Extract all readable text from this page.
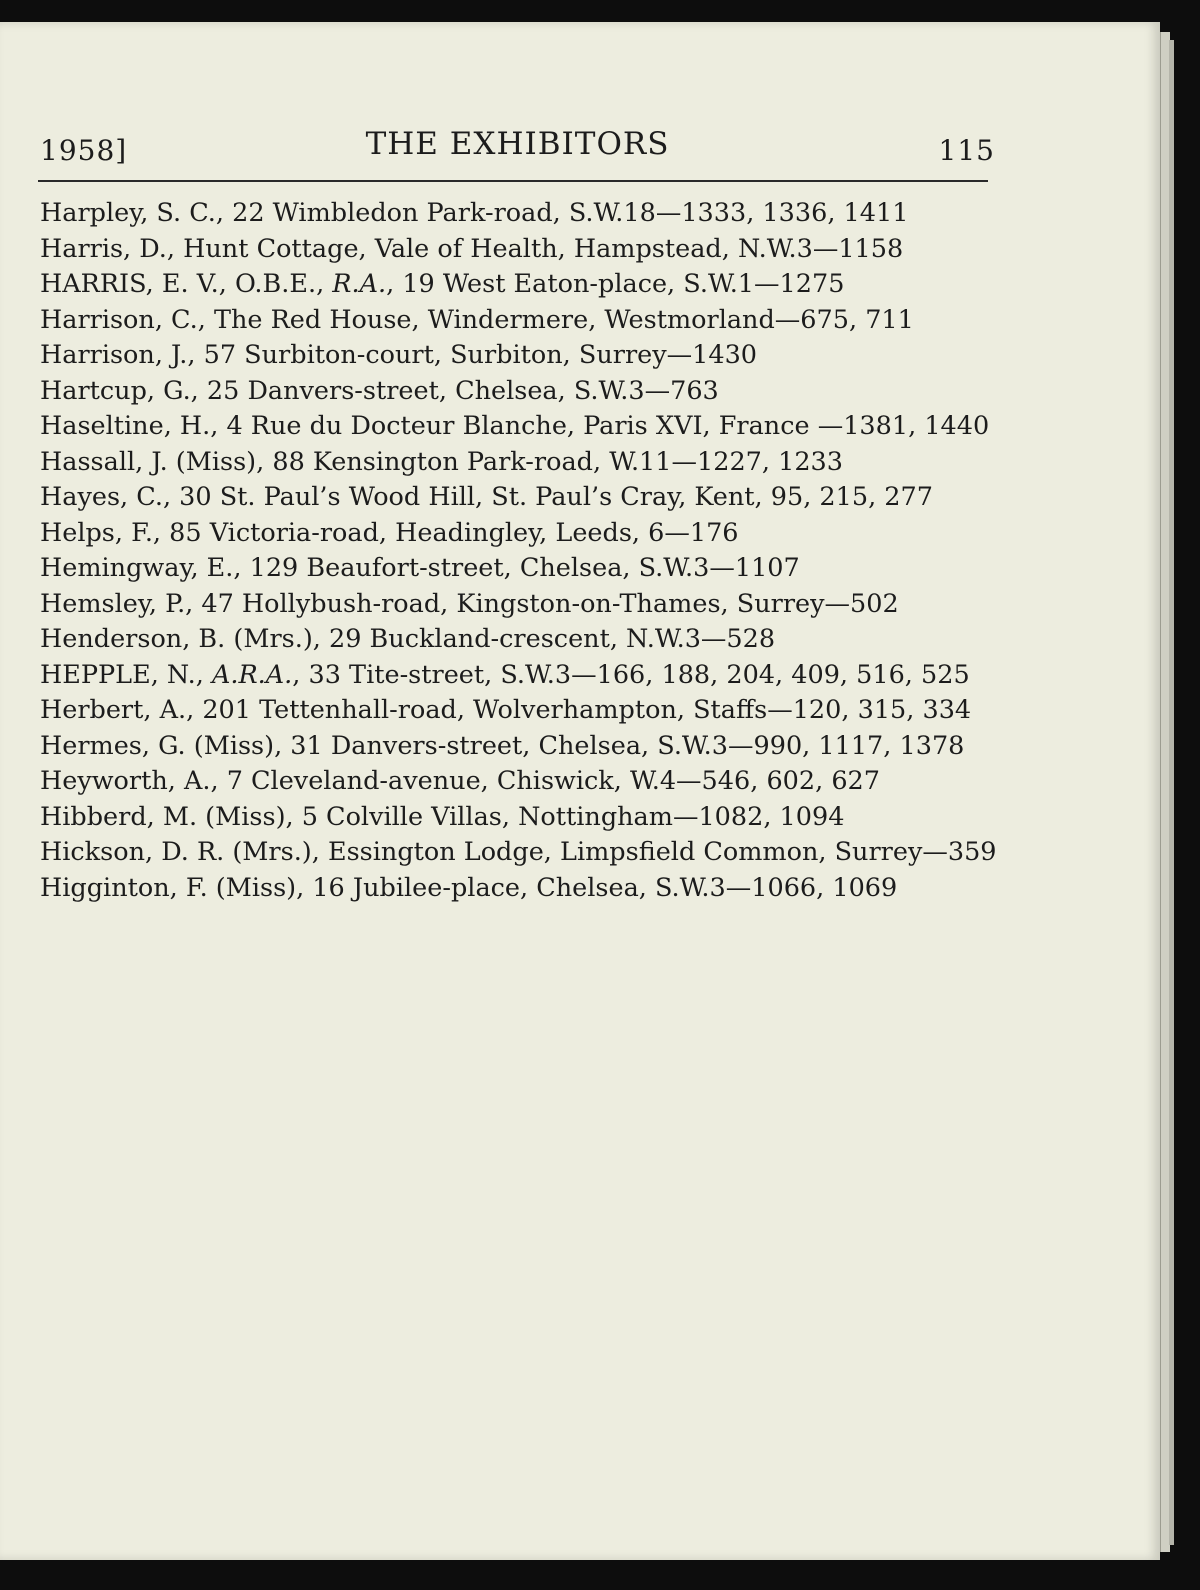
1958]	THE EXHIBITORS	115
Harpley, S. C., 22 Wimbledon Park-road, S.W.18—1333, 1336, 1411
Harris, D., Hunt Cottage, Vale of Health, Hampstead, N.W.3—1158
HARRIS, E. V., O.B.E., R.A., 19 West Eaton-place, S.W.1—1275
Harrison, C., The Red House, Windermere, Westmorland—675, 711
Harrison, J., 57 Surbiton-court, Surbiton, Surrey—1430
Hartcup, G., 25 Danvers-street, Chelsea, S.W.3—763
Haseltine, H., 4 Rue du Docteur Blanche, Paris XVI, France —1381, 1440
Hassall, J. (Miss), 88 Kensington Park-road, W.11—1227, 1233
Hayes, C., 30 St. Paul’s Wood Hill, St. Paul’s Cray, Kent, 95, 215, 277
Helps, F., 85 Victoria-road, Headingley, Leeds, 6—176
Hemingway, E., 129 Beaufort-street, Chelsea, S.W.3—1107
Hemsley, P., 47 Hollybush-road, Kingston-on-Thames, Surrey—502
Henderson, B. (Mrs.), 29 Buckland-crescent, N.W.3—528
HEPPLE, N., A.R.A., 33 Tite-street, S.W.3—166, 188, 204, 409, 516, 525
Herbert, A., 201 Tettenhall-road, Wolverhampton, Staffs—120, 315, 334
Hermes, G. (Miss), 31 Danvers-street, Chelsea, S.W.3—990, 1117, 1378
Heyworth, A., 7 Cleveland-avenue, Chiswick, W.4—546, 602, 627
Hibberd, M. (Miss), 5 Colville Villas, Nottingham—1082, 1094
Hickson, D. R. (Mrs.), Essington Lodge, Limpsfield Common, Surrey—359
Higginton, F. (Miss), 16 Jubilee-place, Chelsea, S.W.3—1066, 1069
